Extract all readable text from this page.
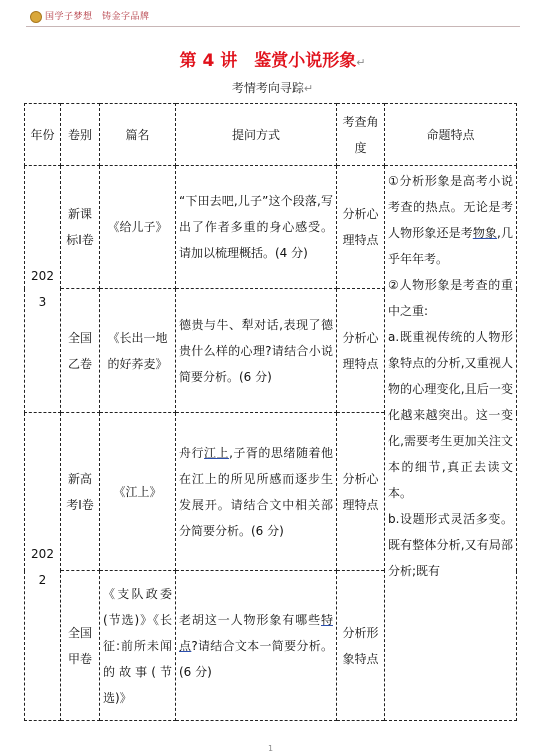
国学子梦想　铸金字品牌
第 4 讲　鉴赏小说形象↵
考情考向寻踪↵
年份	卷别	篇名	提问方式	考查角度	命题特点
2023	新课标Ⅰ卷	《给儿子》	“下田去吧,儿子”这个段落,写出了作者多重的身心感受。请加以梳理概括。(4 分)	分析心理特点	①分析形象是高考小说考查的热点。无论是考人物形象还是考物象,几乎年年考。
②人物形象是考查的重中之重:
a.既重视传统的人物形象特点的分析,又重视人物的心理变化,且后一变化越来越突出。这一变化,需要考生更加关注文本的细节,真正去读文本。
b.设题形式灵活多变。既有整体分析,又有局部分析;既有
	全国乙卷	《长出一地的好荞麦》	德贵与牛、犁对话,表现了德贵什么样的心理?请结合小说简要分析。(6 分)	分析心理特点	
2022	新高考Ⅰ卷	《江上》	舟行江上,子胥的思绪随着他在江上的所见所感而逐步生发展开。请结合文中相关部分简要分析。(6 分)	分析心理特点	
	全国甲卷	《支队政委(节选)》《长征:前所未闻的故事(节选)》	老胡这一人物形象有哪些特点?请结合文本一简要分析。(6 分)	分析形象特点	
1
